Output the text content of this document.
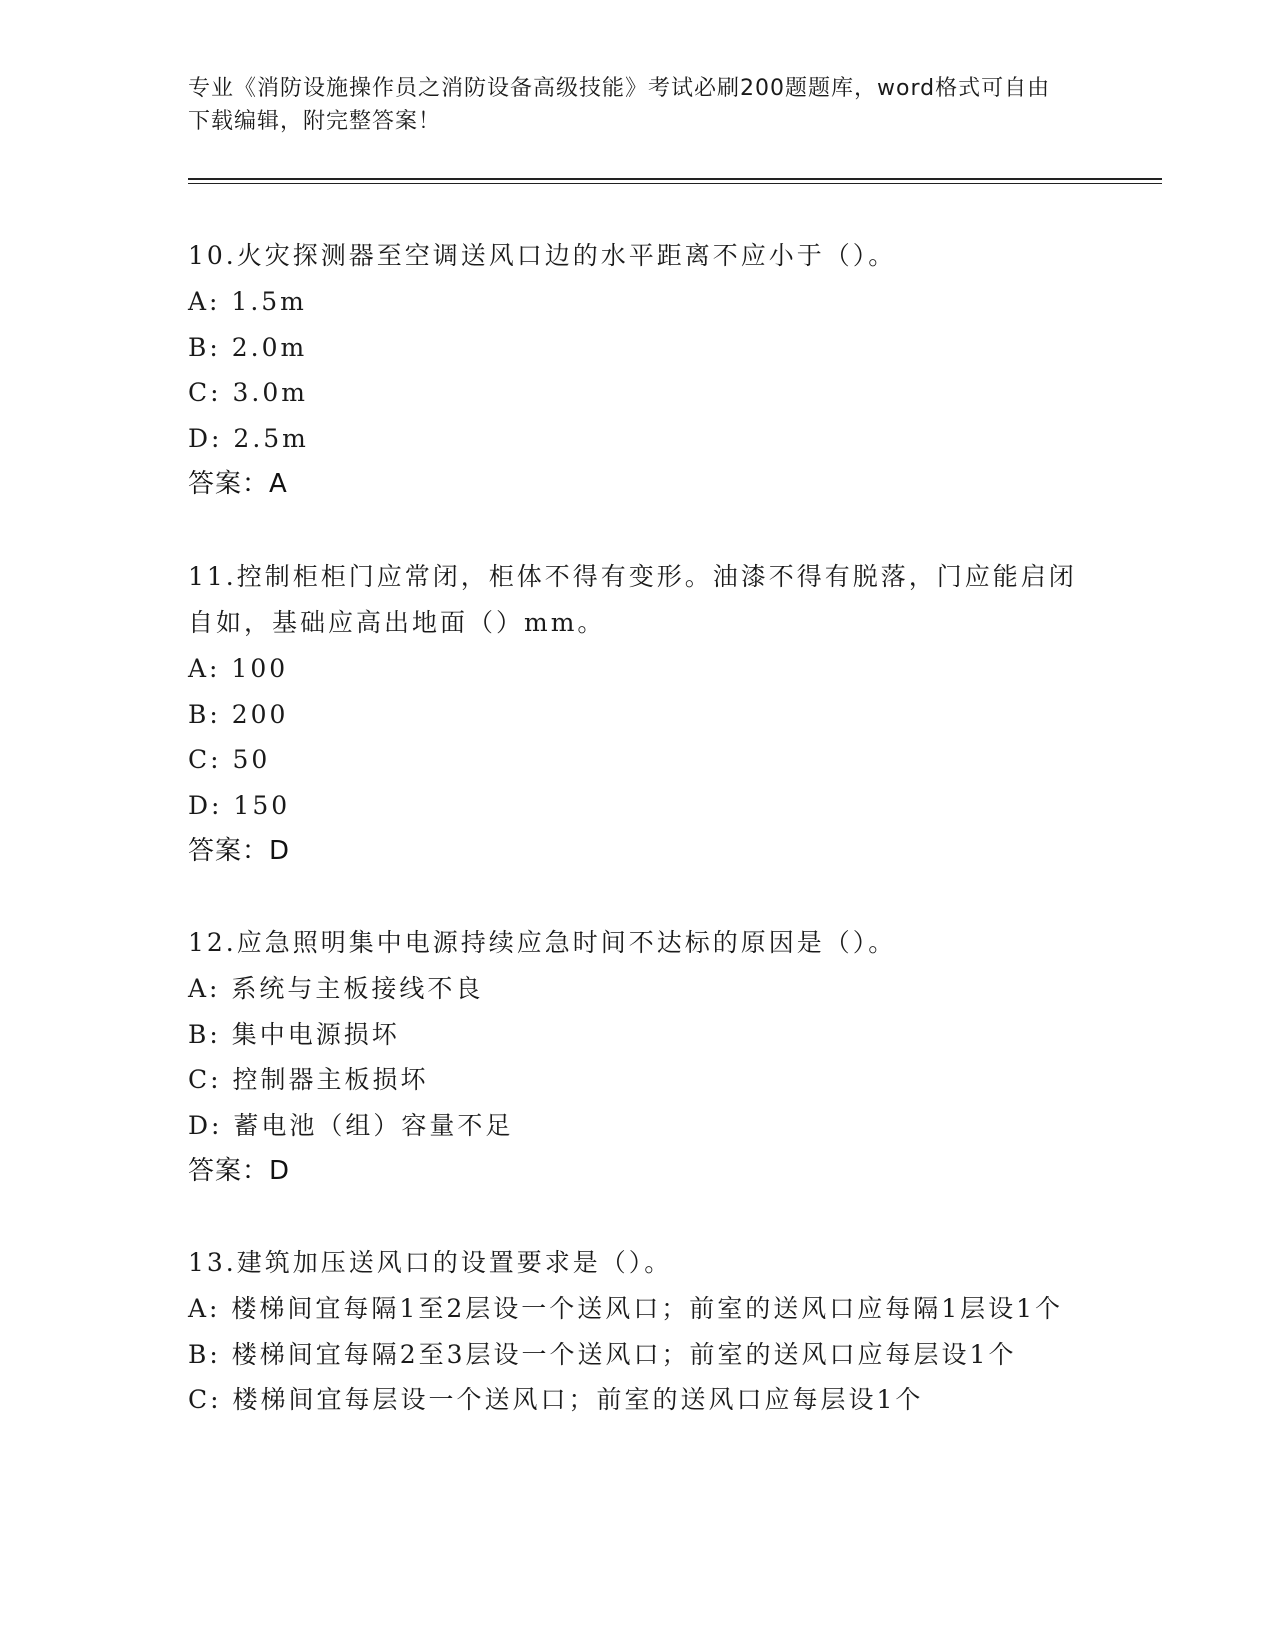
专业《消防设施操作员之消防设备高级技能》考试必刷200题题库，word格式可自由下载编辑，附完整答案！
10.火灾探测器至空调送风口边的水平距离不应小于（）。
A: 1.5m
B: 2.0m
C: 3.0m
D: 2.5m
答案：A
11.控制柜柜门应常闭，柜体不得有变形。油漆不得有脱落，门应能启闭自如，基础应高出地面（）mm。
A: 100
B: 200
C: 50
D: 150
答案：D
12.应急照明集中电源持续应急时间不达标的原因是（）。
A: 系统与主板接线不良
B: 集中电源损坏
C: 控制器主板损坏
D: 蓄电池（组）容量不足
答案：D
13.建筑加压送风口的设置要求是（）。
A: 楼梯间宜每隔1至2层设一个送风口；前室的送风口应每隔1层设1个
B: 楼梯间宜每隔2至3层设一个送风口；前室的送风口应每层设1个
C: 楼梯间宜每层设一个送风口；前室的送风口应每层设1个
